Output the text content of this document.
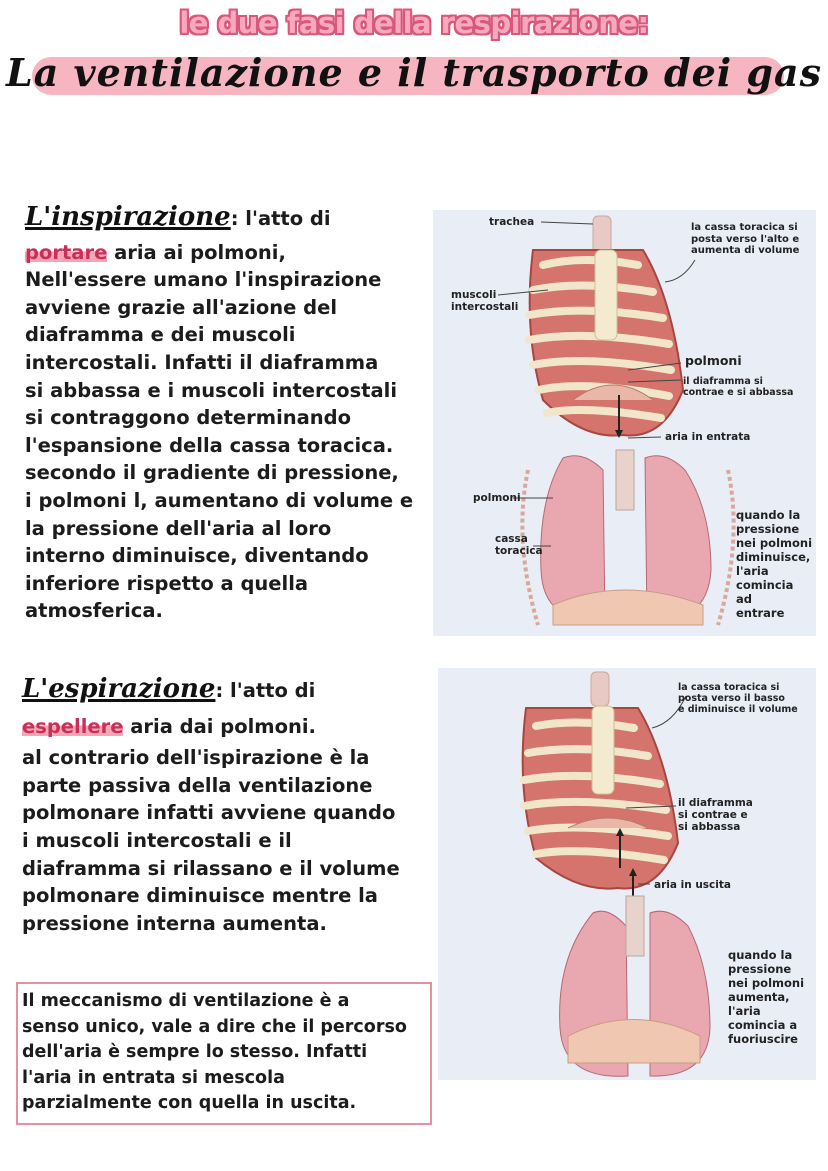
le due fasi della respirazione:
La ventilazione e il trasporto dei gas
L'inspirazione: l'atto di
portare aria ai polmoni,
Nell'essere umano l'inspirazione
avviene grazie all'azione del
diaframma e dei muscoli
intercostali. Infatti il diaframma
si abbassa e i muscoli intercostali
si contraggono determinando
l'espansione della cassa toracica.
secondo il gradiente di pressione,
i polmoni l, aumentano di volume e
la pressione dell'aria al loro
interno diminuisce, diventando
inferiore rispetto a quella
atmosferica.
L'espirazione: l'atto di
espellere aria dai polmoni.
al contrario dell'ispirazione è la
parte passiva della ventilazione
polmonare infatti avviene quando
i muscoli intercostali e il
diaframma si rilassano e il volume
polmonare diminuisce mentre la
pressione interna aumenta.
Il meccanismo di ventilazione è a
senso unico, vale a dire che il percorso
dell'aria è sempre lo stesso. Infatti
l'aria in entrata si mescola
parzialmente con quella in uscita.
trachea	la cassa toracica si
posta verso l'alto e
aumenta di volume
muscoli
intercostali
polmoni
il diaframma si
contrae e si abbassa
aria in entrata
polmoni
cassa
toracica
quando la
pressione
nei polmoni
diminuisce,
l'aria
comincia
ad
entrare
la cassa toracica si
posta verso il basso
e diminuisce il volume
il diaframma
si contrae e
si abbassa
aria in uscita
quando la
pressione
nei polmoni
aumenta,
l'aria
comincia a
fuoriuscire
